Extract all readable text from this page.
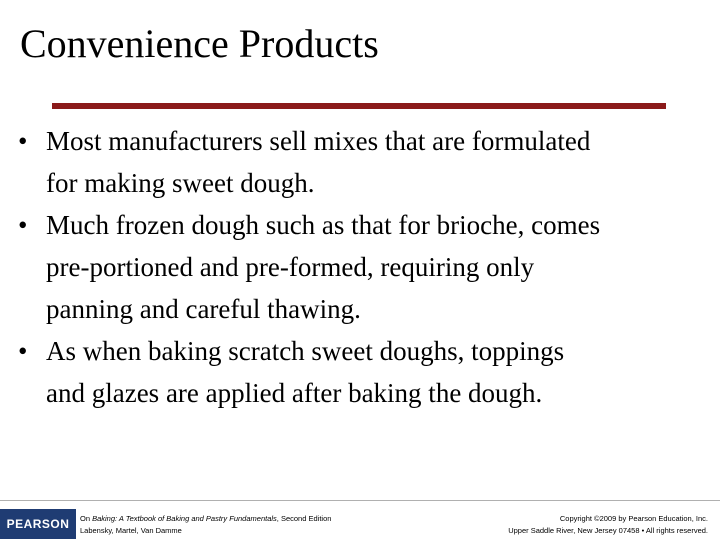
Convenience Products
• Most manufacturers sell mixes that are formulated
for making sweet dough.
• Much frozen dough such as that for brioche, comes
pre-portioned and pre-formed, requiring only
panning and careful thawing.
• As when baking scratch sweet doughs, toppings
and glazes are applied after baking the dough.
PEARSON	On Baking: A Textbook of Baking and Pastry Fundamentals, Second Edition
Labensky, Martel, Van Damme
Copyright ©2009 by Pearson Education, Inc.
Upper Saddle River, New Jersey 07458 • All rights reserved.
